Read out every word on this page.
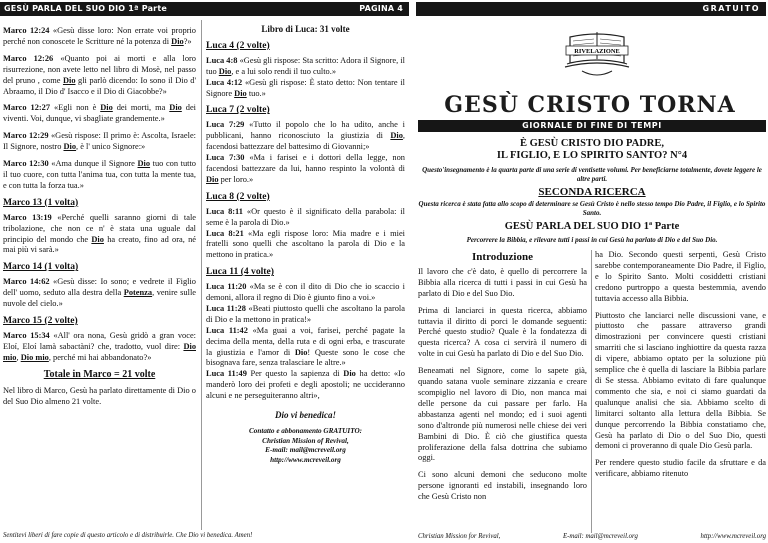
GESÙ PARLA DEL SUO DIO 1ª Parte	PAGINA 4

Marco 12:24 «Gesù disse loro: Non errate voi proprio perché non conoscete le Scritture né la potenza di Dio?»

Marco 12:26 «Quanto poi ai morti e alla loro risurrezione, non avete letto nel libro di Mosè, nel passo del pruno , come Dio gli parlò dicendo: Io sono il Dio d' Abraamo, il Dio d' Isacco e il Dio di Giacobbe?»

Marco 12:27 «Egli non è Dio dei morti, ma Dio dei viventi. Voi, dunque, vi sbagliate grandemente.»

Marco 12:29 «Gesù rispose: Il primo è: Ascolta, Israele: Il Signore, nostro Dio, è l' unico Signore:»

Marco 12:30 «Ama dunque il Signore Dio tuo con tutto il tuo cuore, con tutta l'anima tua, con tutta la mente tua, e con tutta la forza tua.»

Marco 13 (1 volta)

Marco 13:19 «Perché quelli saranno giorni di tale tribolazione, che non ce n' è stata una uguale dal principio del mondo che Dio ha creato, fino ad ora, né mai più vi sarà.»

Marco 14 (1 volta)

Marco 14:62 «Gesù disse: Io sono; e vedrete il Figlio dell' uomo, seduto alla destra della Potenza, venire sulle nuvole del cielo.»

Marco 15 (2 volte)

Marco 15:34 «All' ora nona, Gesù gridò a gran voce: Eloí, Eloí lamà sabactàni? che, tradotto, vuol dire: Dio mio, Dio mio, perché mi hai abbandonato?»

Totale in Marco = 21 volte

Nel libro di Marco, Gesù ha parlato direttamente di Dio o del Suo Dio almeno 21 volte.

Libro di Luca: 31 volte
Luca 4 (2 volte)

Luca 4:8 «Gesù gli rispose: Sta scritto: Adora il Signore, il tuo Dio, e a lui solo rendi il tuo culto.»

Luca 4:12 «Gesù gli rispose: È stato detto: Non tentare il Signore Dio tuo.»

Luca 7 (2 volte)

Luca 7:29 «Tutto il popolo che lo ha udito, anche i pubblicani, hanno riconosciuto la giustizia di Dio, facendosi battezzare del battesimo di Giovanni;»

Luca 7:30 «Ma i farisei e i dottori della legge, non facendosi battezzare da lui, hanno respinto la volontà di Dio per loro.»

Luca 8 (2 volte)

Luca 8:11 «Or questo è il significato della parabola: il seme è la parola di Dio.»

Luca 8:21 «Ma egli rispose loro: Mia madre e i miei fratelli sono quelli che ascoltano la parola di Dio e la mettono in pratica.»

Luca 11 (4 volte)

Luca 11:20 «Ma se è con il dito di Dio che io scaccio i demoni, allora il regno di Dio è giunto fino a voi.»

Luca 11:28 «Beati piuttosto quelli che ascoltano la parola di Dio e la mettono in pratica!»

Luca 11:42 «Ma guai a voi, farisei, perché pagate la decima della menta, della ruta e di ogni erba, e trascurate la giustizia e l'amor di Dio! Queste sono le cose che bisognava fare, senza tralasciare le altre.»

Luca 11:49 Per questo la sapienza di Dio ha detto: «Io manderò loro dei profeti e degli apostoli; ne uccideranno alcuni e ne perseguiteranno altri»,

Dio vi benedica!
Contatto e abbonamento GRATUITO:
Christian Mission of Revival,
E-mail: mail@mcreveil.org
http://www.mcreveil.org
Sentitevi liberi di fare copie di questo articolo e di distribuirle. Che Dio vi benedica. Amen!
GRATUITO
RIVELAZIONE
GESÙ CRISTO TORNA
GIORNALE DI FINE DI TEMPI
È GESÙ CRISTO DIO PADRE,
IL FIGLIO, E LO SPIRITO SANTO? N°4
Questo'insegnamento è la quarta parte di una serie di ventisette volumi. Per beneficiarne totalmente, dovete leggere le altre parti.
SECONDA RICERCA
Questa ricerca è stata fatta allo scopo di determinare se Gesù Cristo è nello stesso tempo Dio Padre, il Figlio, e lo Spirito Santo.
GESÙ PARLA DEL SUO DIO 1ª Parte
Percorrere la Bibbia, e rilevare tutti i passi in cui Gesù ha parlato di Dio e del Suo Dio.
Introduzione

Il lavoro che c'è dato, è quello di percorrere la Bibbia alla ricerca di tutti i passi in cui Gesù ha parlato di Dio e del Suo Dio.

Prima di lanciarci in questa ricerca, abbiamo tuttavia il diritto di porci le domande seguenti: Perché questo studio? Quale è la fondatezza di questa ricerca? A cosa ci servirà il numero di volte in cui Gesù ha parlato di Dio e del Suo Dio.

Beneamati nel Signore, come lo sapete già, quando satana vuole seminare zizzania e creare scompiglio nel lavoro di Dio, non manca mai delle persone da cui passare per farlo. Ha abbastanza agenti nel mondo; ed i suoi agenti sono d'altronde più numerosi nelle chiese dei veri Bambini di Dio. È ciò che giustifica questa proliferazione della falsa dottrina che subiamo oggi.

Ci sono alcuni demoni che seducono molte persone ignoranti ed instabili, insegnando loro che Gesù Cristo non

ha Dio. Secondo questi serpenti, Gesù Cristo sarebbe contemporaneamente Dio Padre, il Figlio, e lo Spirito Santo. Molti cosiddetti cristiani credono purtroppo a questa bestemmia, avendo tuttavia accesso alla Bibbia.

Piuttosto che lanciarci nelle discussioni vane, e piuttosto che passare attraverso grandi dimostrazioni per convincere questi cristiani smarriti che si lasciano inghiottire da questa razza di vipere, abbiamo optato per la soluzione più semplice che è quella di lasciare la Bibbia parlare di Se stessa. Abbiamo evitato di fare qualunque commento che sia, e noi ci siamo guardati da qualunque analisi che sia. Abbiamo scelto di limitarci soltanto alla lettura della Bibbia. Se dunque percorrendo la Bibbia constatiamo che, Gesù ha parlato di Dio o del Suo Dio, questi demoni ci proveranno di quale Dio Gesù parla.

Per rendere questo studio facile da sfruttare e da verificare, abbiamo ritenuto

Christian Mission for Revival,	E-mail: mail@mcreveil.org	http://www.mcreveil.org
